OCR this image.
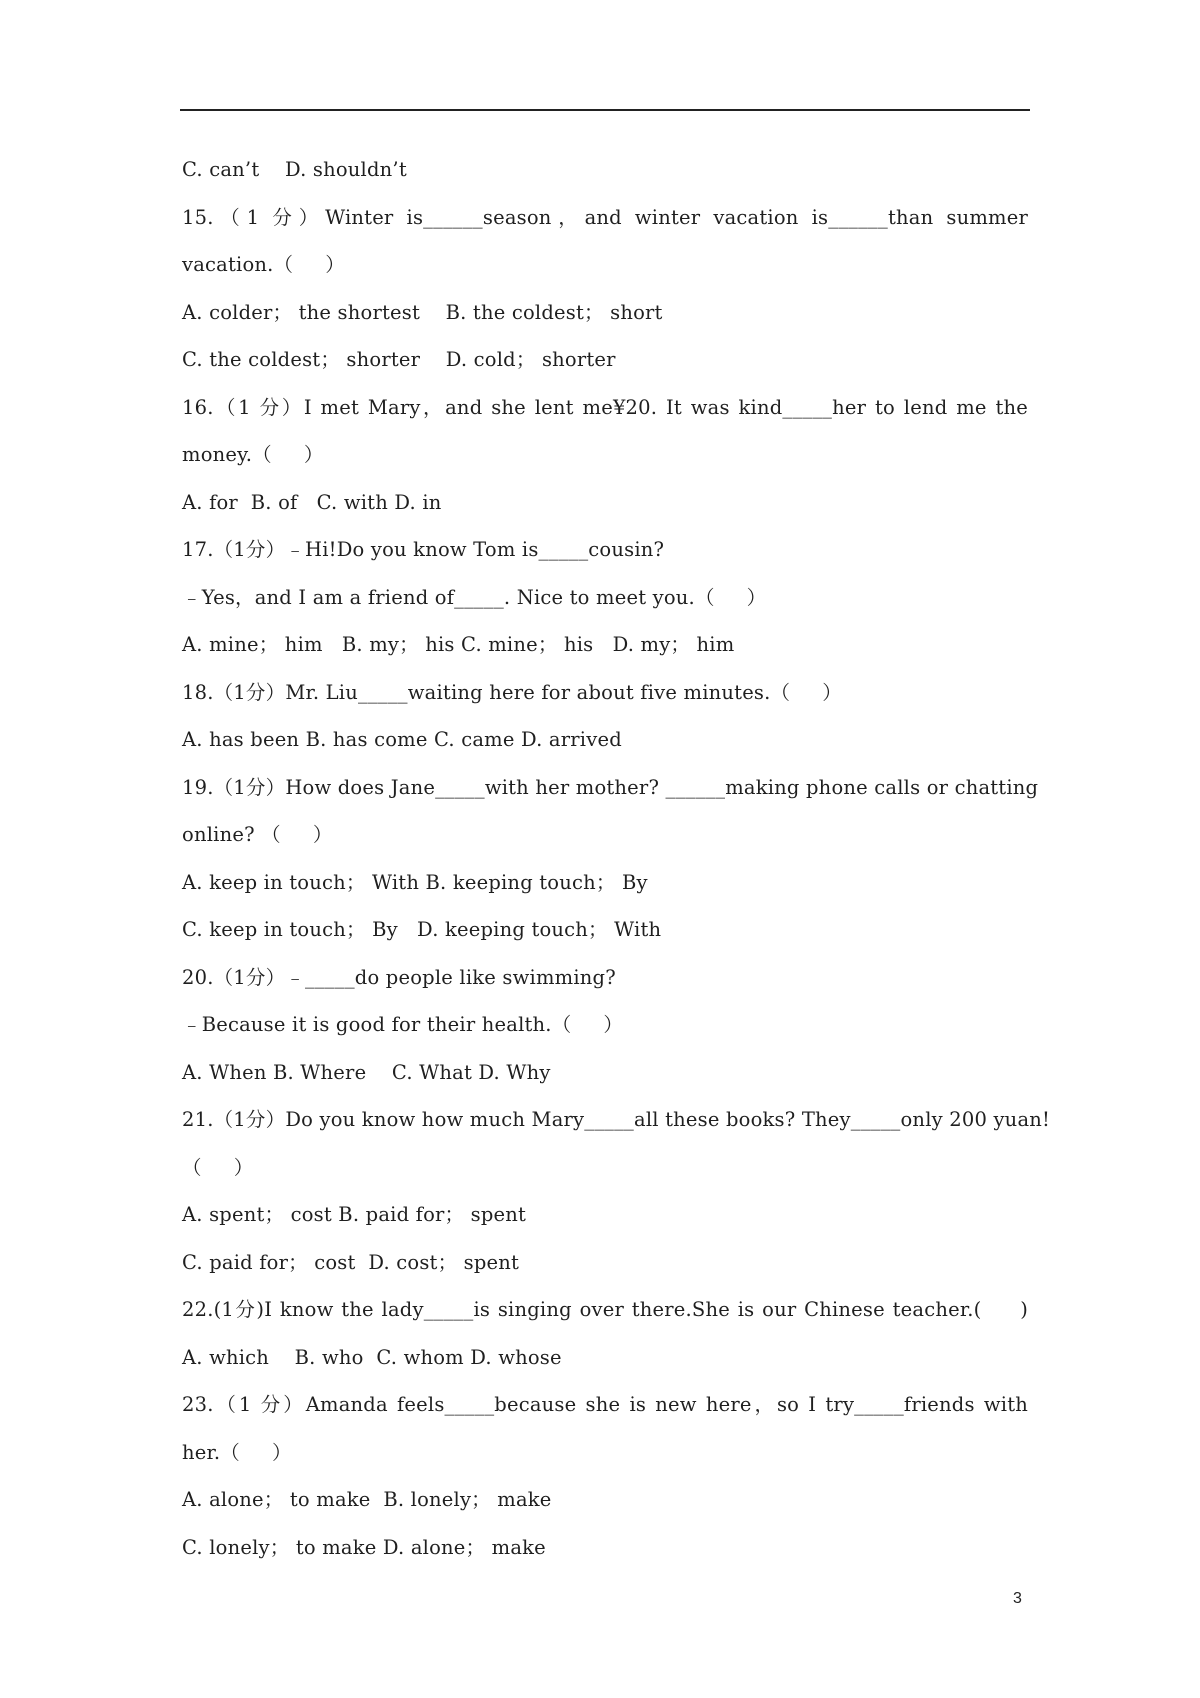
C. can’t    D. shouldn’t
15.（1 分）Winter is______season，and winter vacation is______than summer
vacation.（     ）
A. colder； the shortest    B. the coldest； short
C. the coldest； shorter    D. cold； shorter
16.（1 分）I met Mary，and she lent me¥20. It was kind_____her to lend me the
money.（     ）
A. for  B. of   C. with D. in
17.（1分）﹣Hi!Do you know Tom is_____cousin?
﹣Yes，and I am a friend of_____. Nice to meet you.（     ）
A. mine； him   B. my； his C. mine； his   D. my； him
18.（1分）Mr. Liu_____waiting here for about five minutes.（     ）
A. has been B. has come C. came D. arrived
19.（1分）How does Jane_____with her mother? ______making phone calls or chatting
online? （     ）
A. keep in touch； With B. keeping touch； By
C. keep in touch； By   D. keeping touch； With
20.（1分）﹣_____do people like swimming?
﹣Because it is good for their health.（     ）
A. When B. Where    C. What D. Why
21.（1分）Do you know how much Mary_____all these books? They_____only 200 yuan!
（     ）
A. spent； cost B. paid for； spent
C. paid for； cost  D. cost； spent
22.(1分)I know the lady_____is singing over there.She is our Chinese teacher.(     )
A. which    B. who  C. whom D. whose
23.（1 分）Amanda feels_____because she is new here，so I try_____friends with
her.（     ）
A. alone； to make  B. lonely； make
C. lonely； to make D. alone； make
3
